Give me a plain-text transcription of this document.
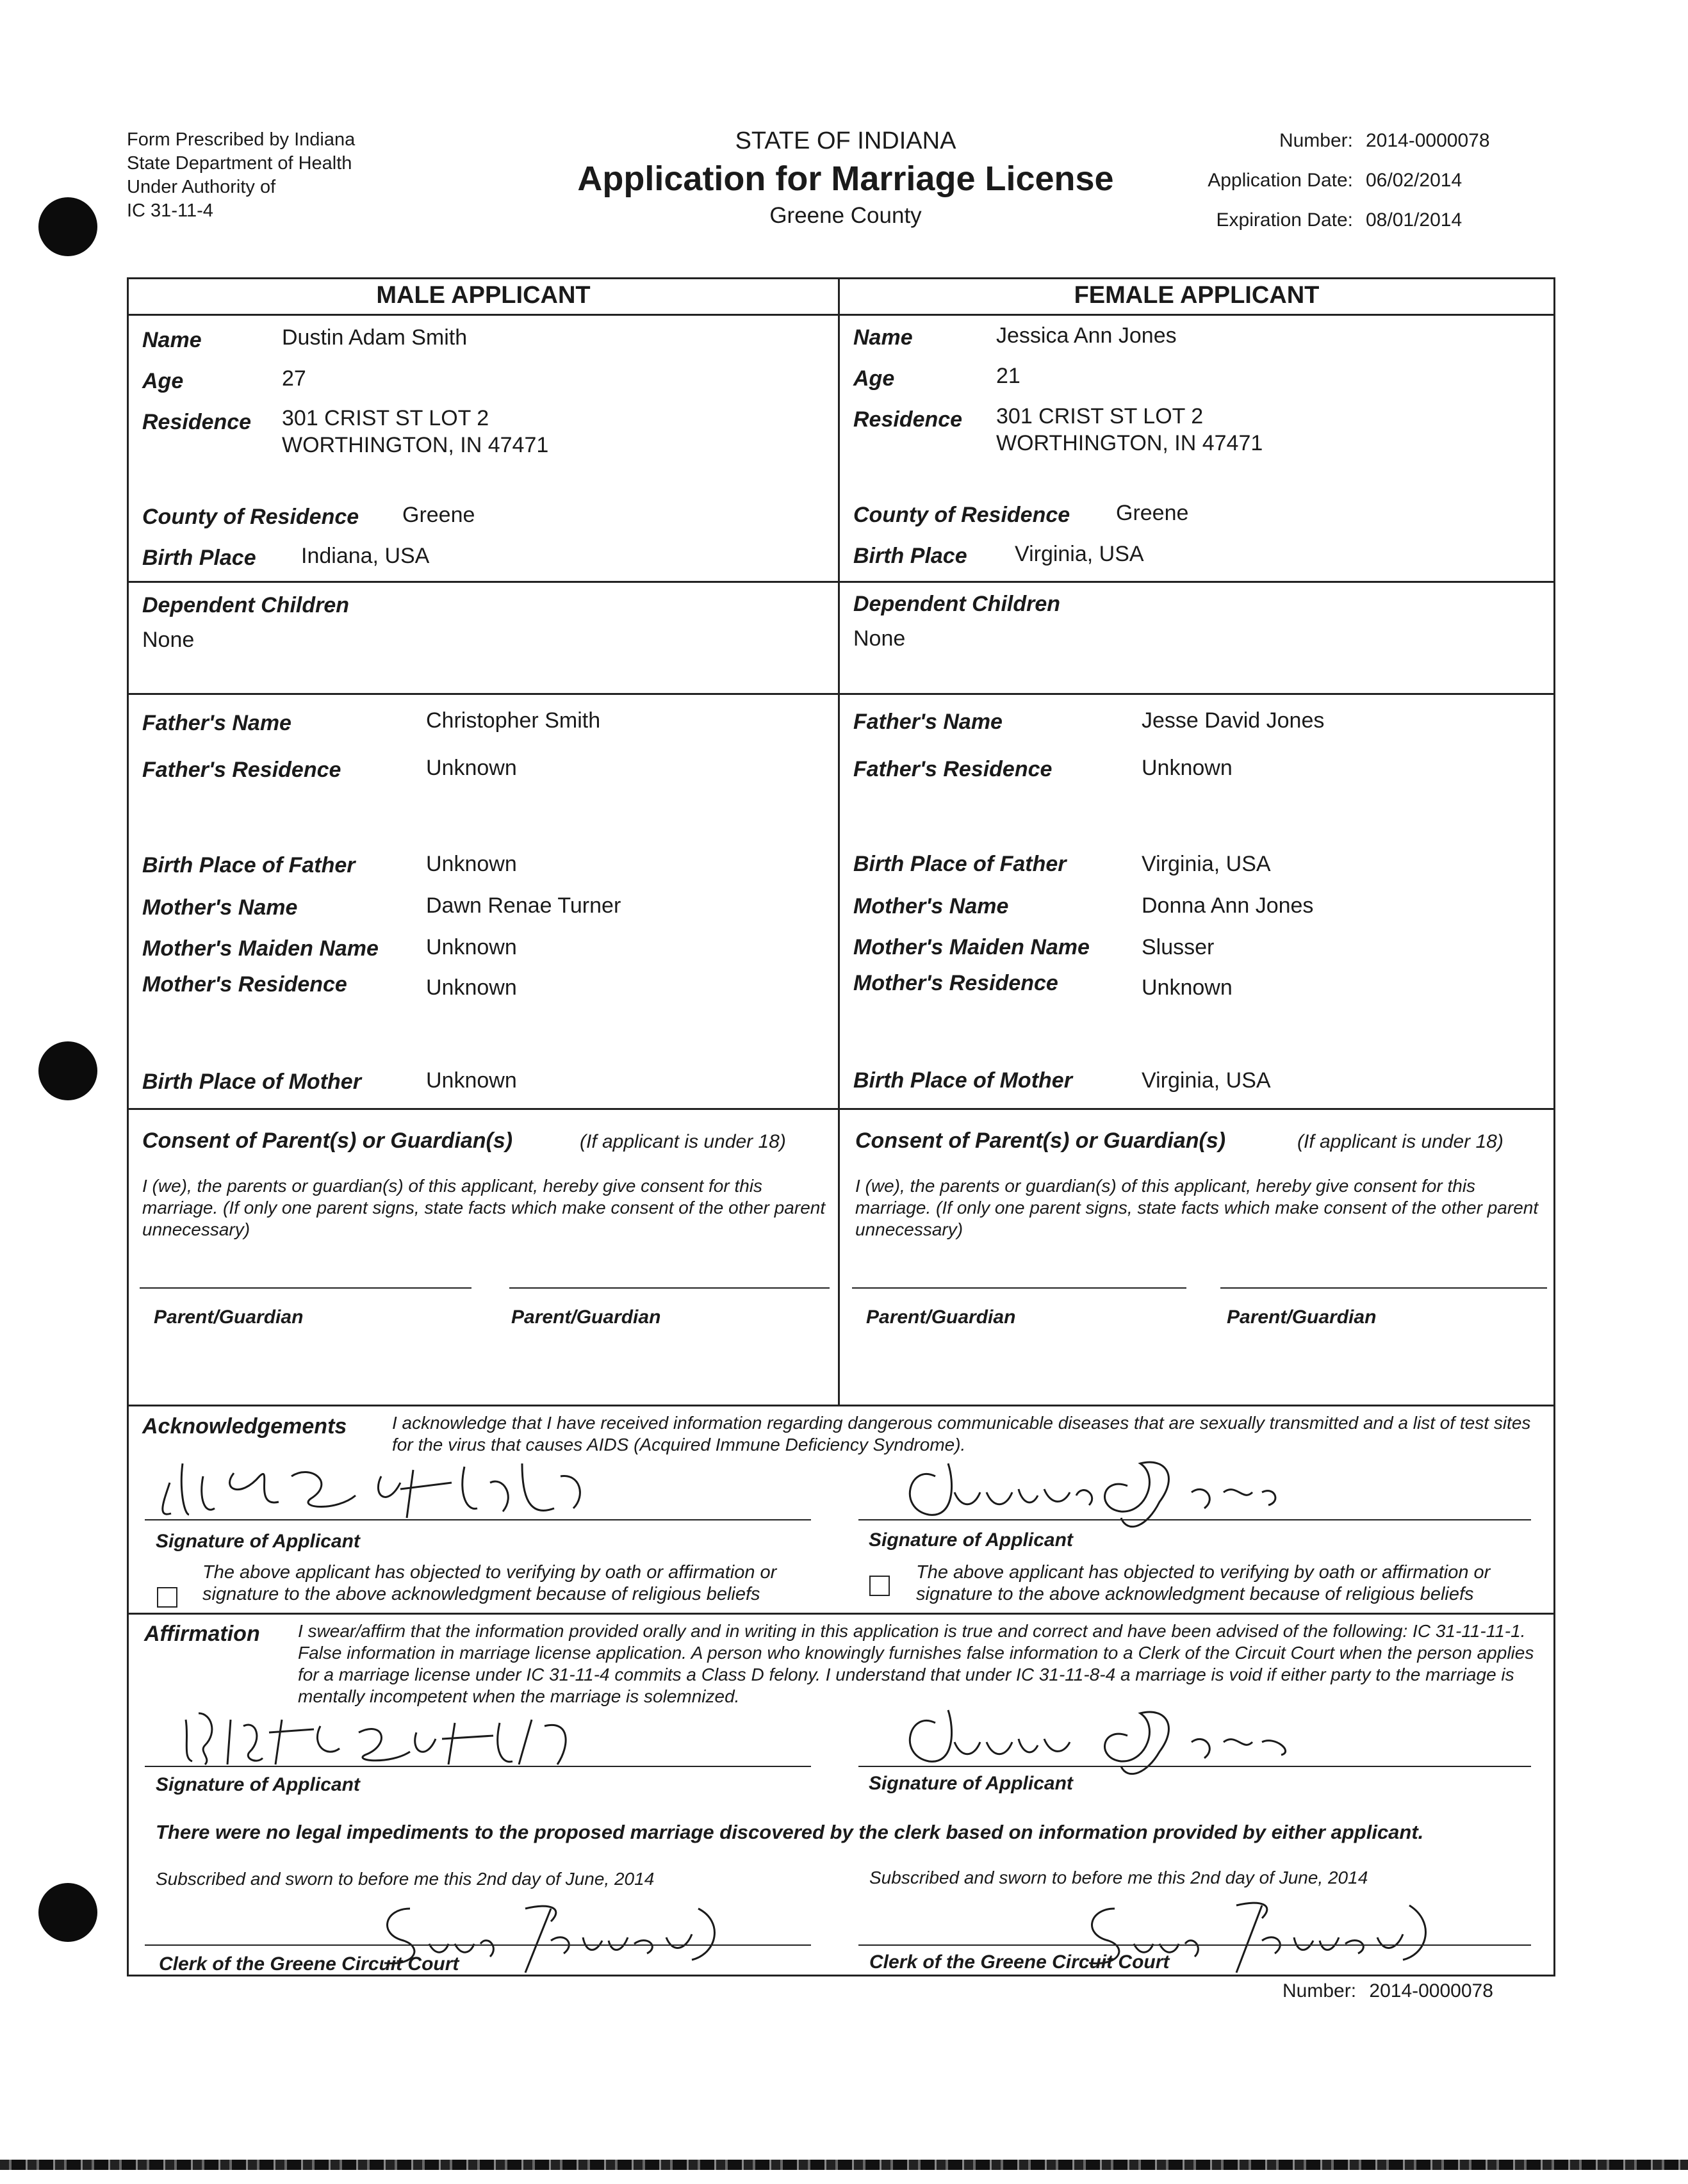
Form Prescribed by Indiana
State Department of Health
Under Authority of
IC 31-11-4
STATE OF INDIANA
Application for Marriage License
Greene County
Number: 2014-0000078
Application Date: 06/02/2014
Expiration Date: 08/01/2014
MALE APPLICANT	FEMALE APPLICANT
Name	Dustin Adam Smith
Age	27
Residence 301 CRIST ST LOT 2
WORTHINGTON, IN 47471
County of Residence Greene
Birth Place Indiana, USA
Dependent Children
None
Father's Name	Christopher Smith
Father's Residence	Unknown
Birth Place of Father	Unknown
Mother's Name	Dawn Renae Turner
Mother's Maiden Name Unknown
Mother's Residence	Unknown
Birth Place of Mother	Unknown
Name	Jessica Ann Jones
Age	21
Residence 301 CRIST ST LOT 2
WORTHINGTON, IN 47471
County of Residence Greene
Birth Place Virginia, USA
Dependent Children
None
Father's Name	Jesse David Jones
Father's Residence	Unknown
Birth Place of Father	Virginia, USA
Mother's Name	Donna Ann Jones
Mother's Maiden Name Slusser
Mother's Residence	Unknown
Birth Place of Mother	Virginia, USA
Consent of Parent(s) or Guardian(s)	(If applicant is under 18)
I (we), the parents or guardian(s) of this applicant, hereby give consent for this marriage. (If only one parent signs, state facts which make consent of the other parent unnecessary)
Parent/Guardian	Parent/Guardian
Consent of Parent(s) or Guardian(s)	(If applicant is under 18)
I (we), the parents or guardian(s) of this applicant, hereby give consent for this marriage. (If only one parent signs, state facts which make consent of the other parent unnecessary)
Parent/Guardian	Parent/Guardian
Acknowledgements	I acknowledge that I have received information regarding dangerous communicable diseases that are sexually transmitted and a list of test sites for the virus that causes AIDS (Acquired Immune Deficiency Syndrome).
Signature of Applicant	Signature of Applicant
The above applicant has objected to verifying by oath or affirmation or signature to the above acknowledgment because of religious beliefs
The above applicant has objected to verifying by oath or affirmation or signature to the above acknowledgment because of religious beliefs
Affirmation I swear/affirm that the information provided orally and in writing in this application is true and correct and have been advised of the following: IC 31-11-11-1. False information in marriage license application. A person who knowingly furnishes false information to a Clerk of the Circuit Court when the person applies for a marriage license under IC 31-11-4 commits a Class D felony. I understand that under IC 31-11-8-4 a marriage is void if either party to the marriage is mentally incompetent when the marriage is solemnized.
Signature of Applicant	Signature of Applicant
There were no legal impediments to the proposed marriage discovered by the clerk based on information provided by either applicant.
Subscribed and sworn to before me this 2nd day of June, 2014	Subscribed and sworn to before me this 2nd day of June, 2014
Clerk of the Greene Circuit Court	Clerk of the Greene Circuit Court
Number: 2014-0000078
